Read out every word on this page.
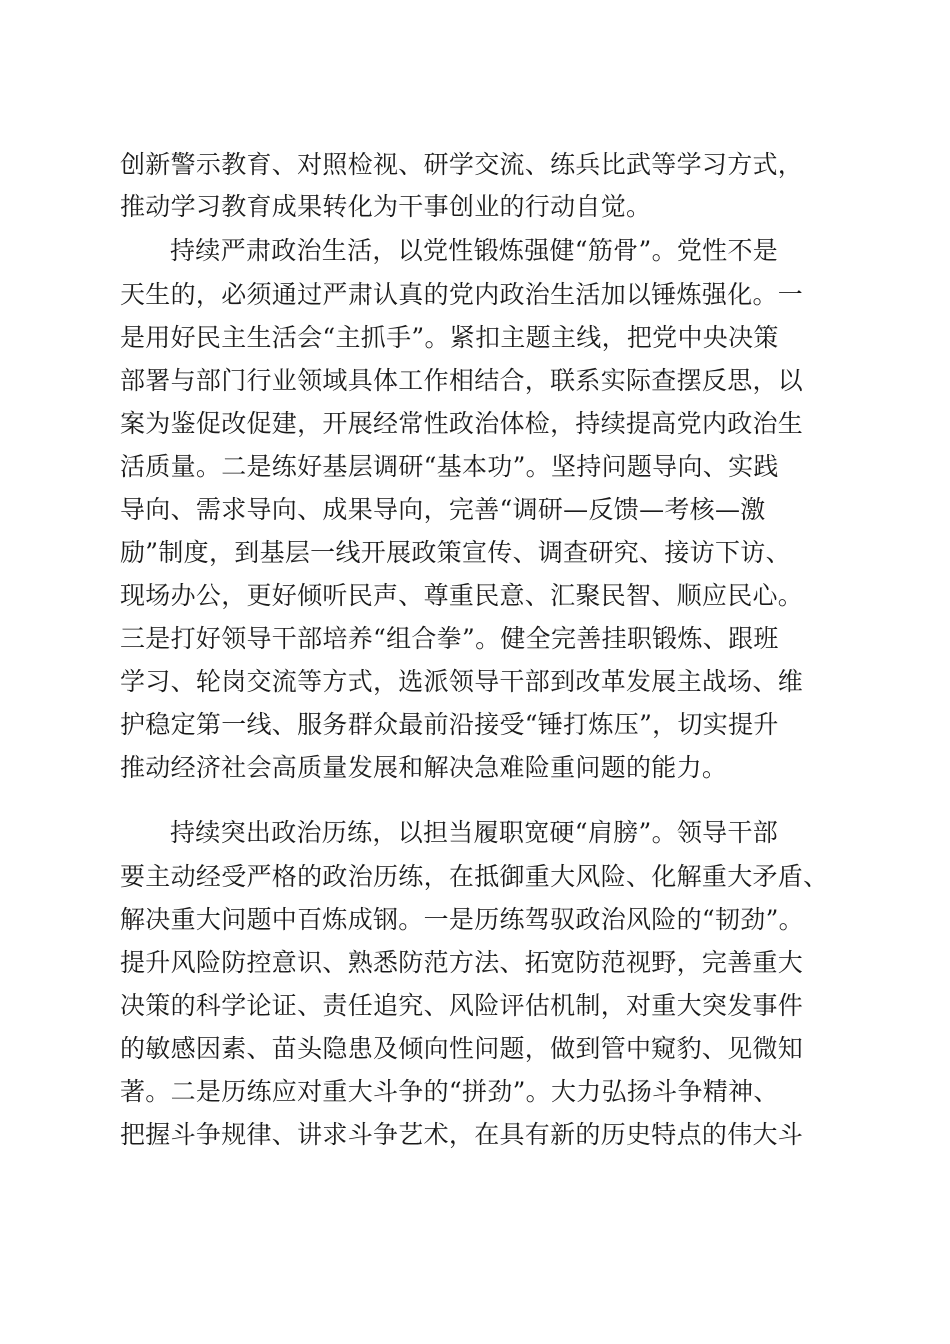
创新警示教育、对照检视、研学交流、练兵比武等学习方式，
推动学习教育成果转化为干事创业的行动自觉。
持续严肃政治生活，以党性锻炼强健“筋骨”。党性不是
天生的，必须通过严肃认真的党内政治生活加以锤炼强化。一
是用好民主生活会“主抓手”。紧扣主题主线，把党中央决策
部署与部门行业领域具体工作相结合，联系实际查摆反思，以
案为鉴促改促建，开展经常性政治体检，持续提高党内政治生
活质量。二是练好基层调研“基本功”。坚持问题导向、实践
导向、需求导向、成果导向，完善“调研—反馈—考核—激
励”制度，到基层一线开展政策宣传、调查研究、接访下访、
现场办公，更好倾听民声、尊重民意、汇聚民智、顺应民心。
三是打好领导干部培养“组合拳”。健全完善挂职锻炼、跟班
学习、轮岗交流等方式，选派领导干部到改革发展主战场、维
护稳定第一线、服务群众最前沿接受“锤打炼压”，切实提升
推动经济社会高质量发展和解决急难险重问题的能力。
持续突出政治历练，以担当履职宽硬“肩膀”。领导干部
要主动经受严格的政治历练，在抵御重大风险、化解重大矛盾、
解决重大问题中百炼成钢。一是历练驾驭政治风险的“韧劲”。
提升风险防控意识、熟悉防范方法、拓宽防范视野，完善重大
决策的科学论证、责任追究、风险评估机制，对重大突发事件
的敏感因素、苗头隐患及倾向性问题，做到管中窥豹、见微知
著。二是历练应对重大斗争的“拼劲”。大力弘扬斗争精神、
把握斗争规律、讲求斗争艺术，在具有新的历史特点的伟大斗
